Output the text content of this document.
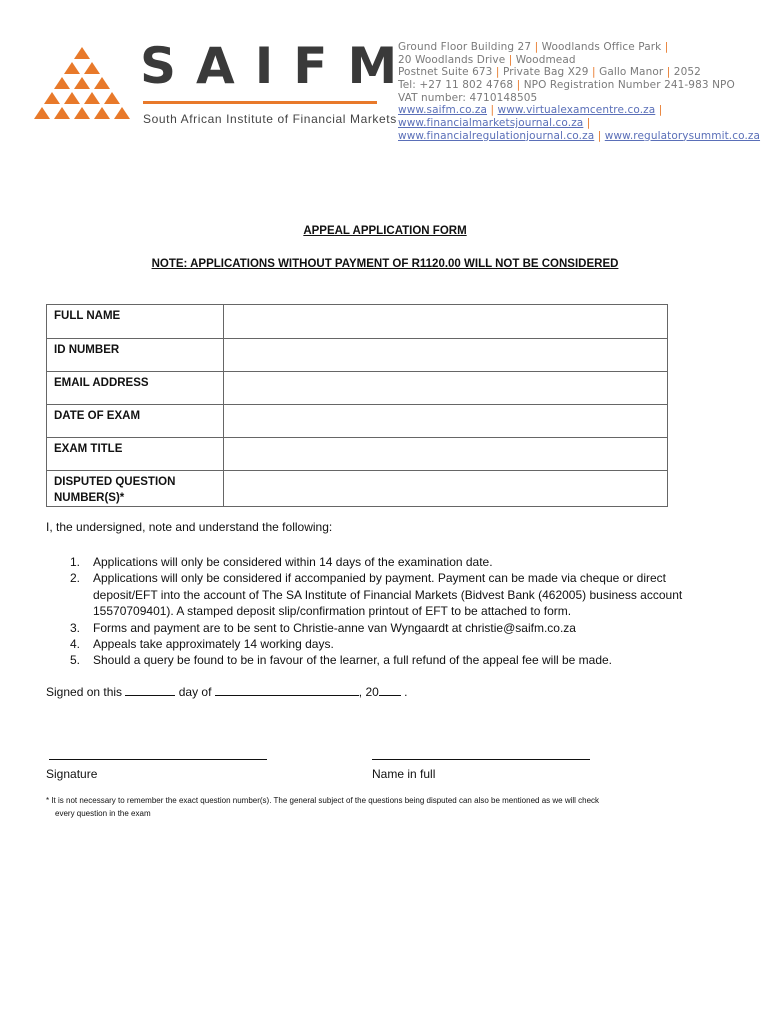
SAIFM
South African Institute of Financial Markets
Ground Floor Building 27 | Woodlands Office Park |
20 Woodlands Drive | Woodmead
Postnet Suite 673 | Private Bag X29 | Gallo Manor | 2052
Tel: +27 11 802 4768 | NPO Registration Number 241-983 NPO
VAT number: 4710148505
www.saifm.co.za | www.virtualexamcentre.co.za |
www.financialmarketsjournal.co.za |
www.financialregulationjournal.co.za | www.regulatorysummit.co.za
APPEAL APPLICATION FORM
NOTE: APPLICATIONS WITHOUT PAYMENT OF R1120.00 WILL NOT BE CONSIDERED
FULL NAME	
ID NUMBER	
EMAIL ADDRESS	
DATE OF EXAM	
EXAM TITLE	
DISPUTED QUESTION NUMBER(S)*	
I, the undersigned, note and understand the following:
1.	Applications will only be considered within 14 days of the examination date.
2.	Applications will only be considered if accompanied by payment. Payment can be made via cheque or direct deposit/EFT into the account of The SA Institute of Financial Markets (Bidvest Bank (462005) business account 15570709401). A stamped deposit slip/confirmation printout of EFT to be attached to form.
3.	Forms and payment are to be sent to Christie-anne van Wyngaardt at christie@saifm.co.za
4.	Appeals take approximately 14 working days.
5.	Should a query be found to be in favour of the learner, a full refund of the appeal fee will be made.
Signed on this	day of	, 20 .
Signature	Name in full
* It is not necessary to remember the exact question number(s). The general subject of the questions being disputed can also be mentioned as we will check
every question in the exam
